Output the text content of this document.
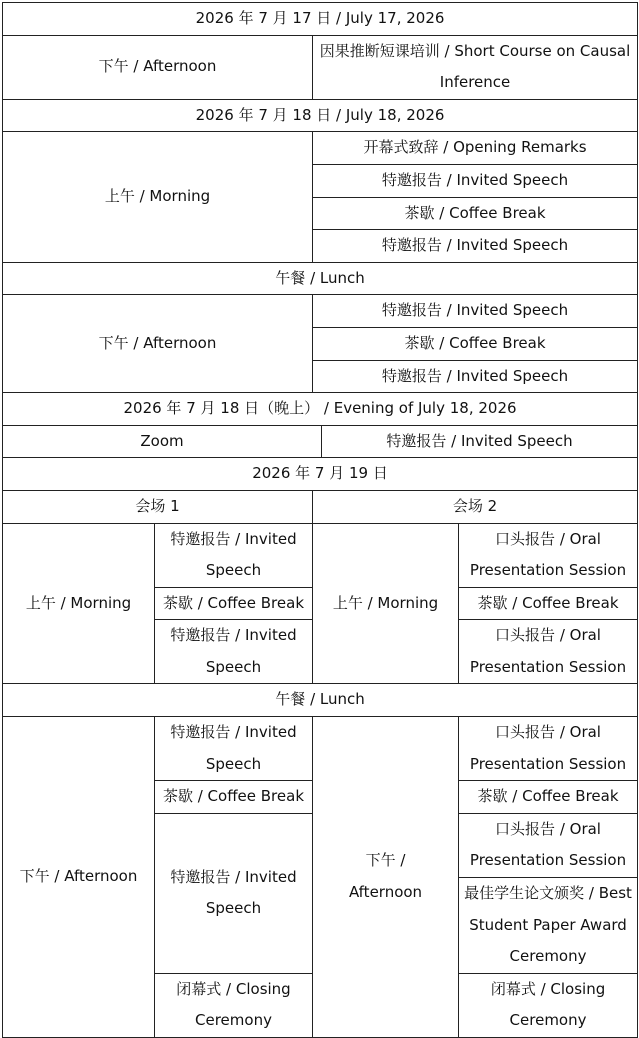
2026 年 7 月 17 日 / July 17, 2026				
下午 / Afternoon		因果推断短课培训 / Short Course on Causal Inference		
2026 年 7 月 18 日 / July 18, 2026				
上午 / Morning		开幕式致辞 / Opening Remarks		
		特邀报告 / Invited Speech		
		茶歇 / Coffee Break		
		特邀报告 / Invited Speech		
午餐 / Lunch				
下午 / Afternoon		特邀报告 / Invited Speech		
		茶歇 / Coffee Break		
		特邀报告 / Invited Speech		
2026 年 7 月 18 日（晚上） / Evening of July 18, 2026				
Zoom			特邀报告 / Invited Speech	
2026 年 7 月 19 日				
会场 1		会场 2		
上午 / Morning	特邀报告 / Invited Speech	上午 / Morning		口头报告 / Oral Presentation Session
	茶歇 / Coffee Break			茶歇 / Coffee Break
	特邀报告 / Invited Speech			口头报告 / Oral Presentation Session
午餐 / Lunch				
下午 / Afternoon	特邀报告 / Invited Speech	下午 / Afternoon		口头报告 / Oral Presentation Session

	茶歇 / Coffee Break			茶歇 / Coffee Break
	特邀报告 / Invited Speech			口头报告 / Oral Presentation Session

				最佳学生论文颁奖 / Best Student Paper Award Ceremony

	闭幕式 / Closing Ceremony			闭幕式 / Closing Ceremony
